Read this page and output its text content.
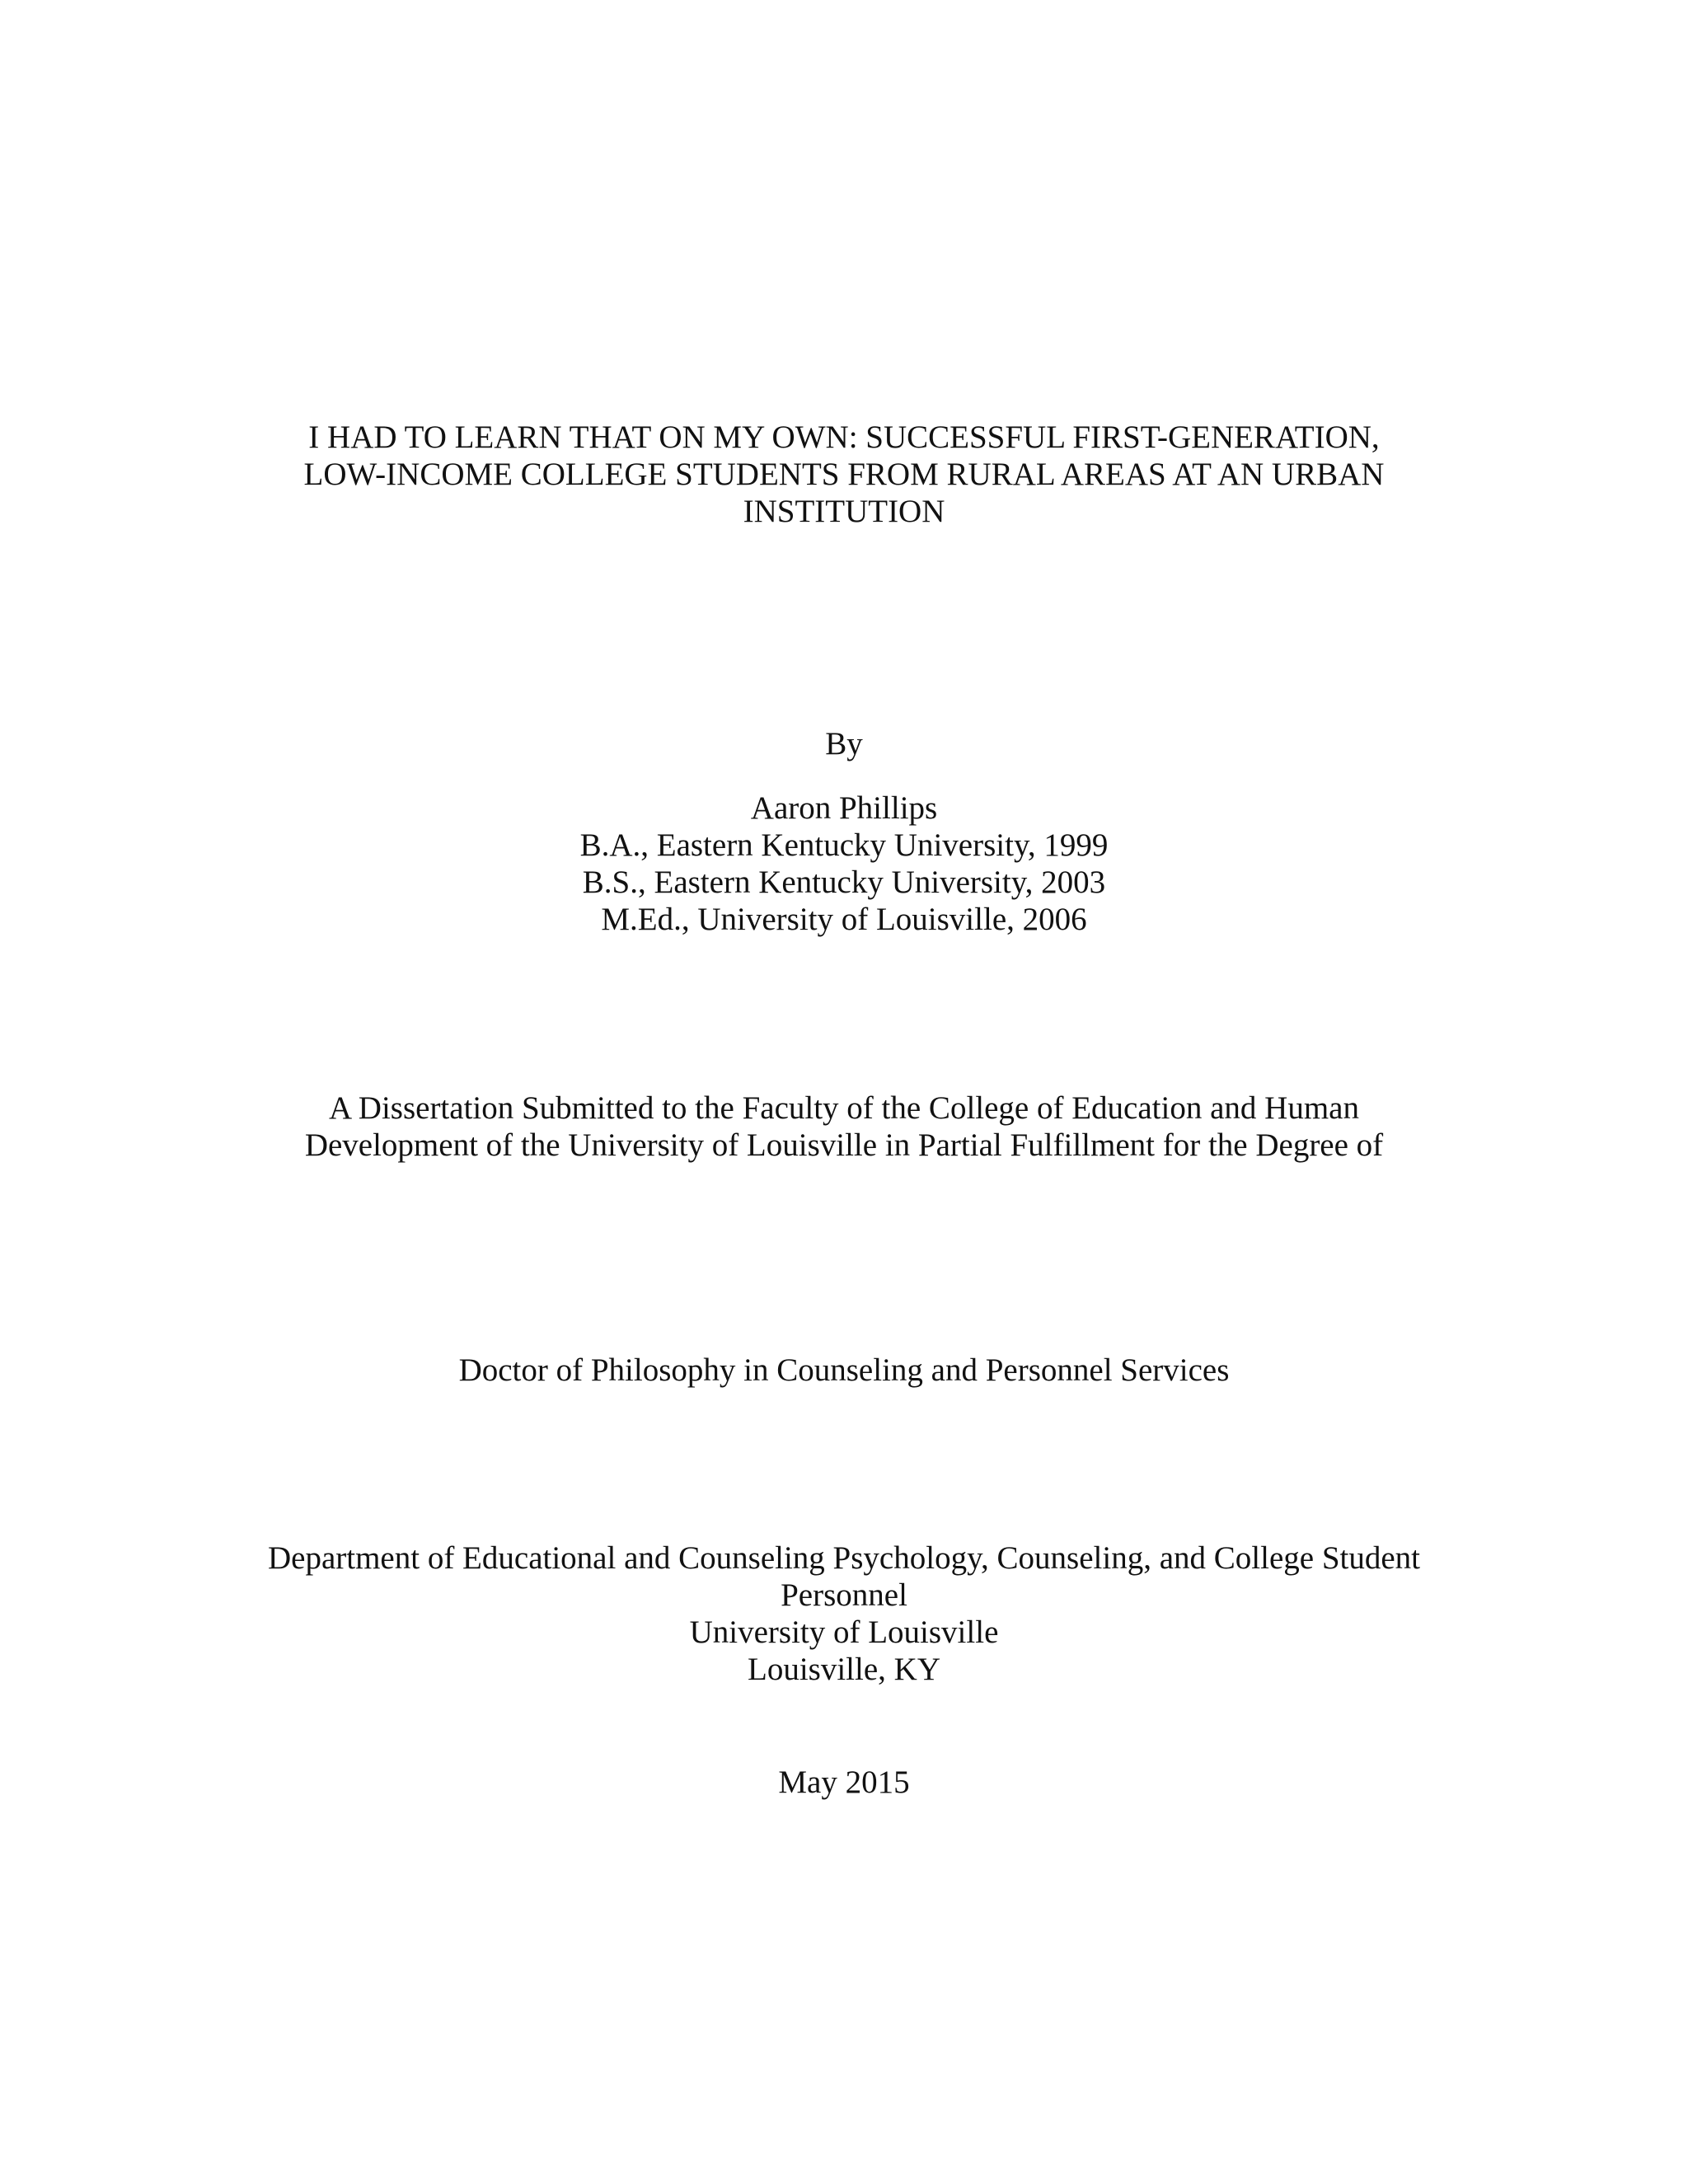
I HAD TO LEARN THAT ON MY OWN: SUCCESSFUL FIRST-GENERATION,
LOW-INCOME COLLEGE STUDENTS FROM RURAL AREAS AT AN URBAN
INSTITUTION
By
Aaron Phillips
B.A., Eastern Kentucky University, 1999
B.S., Eastern Kentucky University, 2003
M.Ed., University of Louisville, 2006
A Dissertation Submitted to the Faculty of the College of Education and Human
Development of the University of Louisville in Partial Fulfillment for the Degree of
Doctor of Philosophy in Counseling and Personnel Services
Department of Educational and Counseling Psychology, Counseling, and College Student
Personnel
University of Louisville
Louisville, KY
May 2015
